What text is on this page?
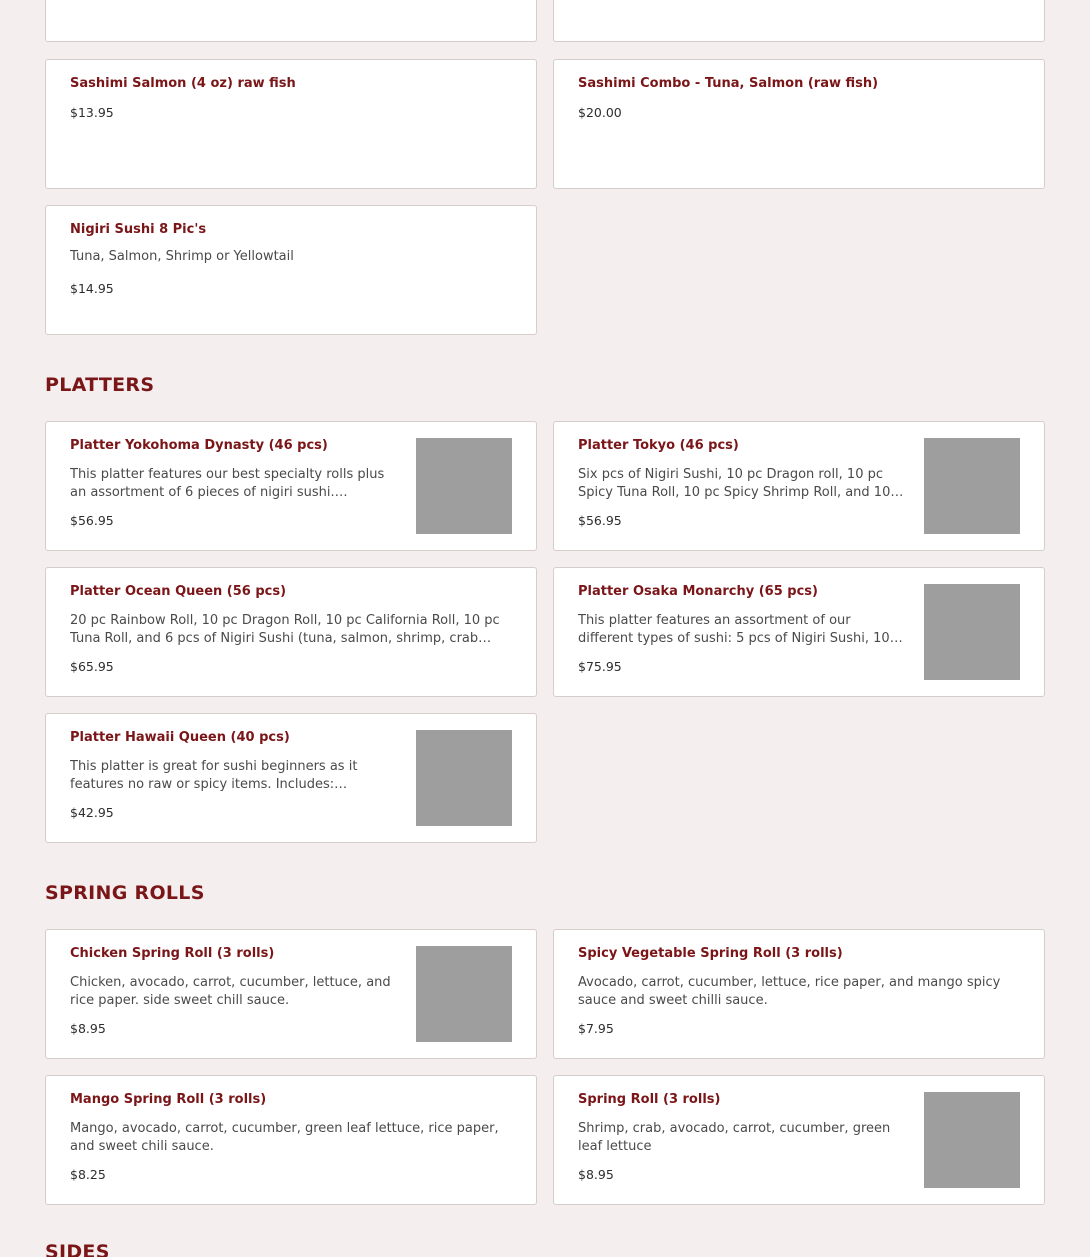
Sashimi Salmon (4 oz) raw fish
$13.95
Sashimi Combo - Tuna, Salmon (raw fish)
$20.00
Nigiri Sushi 8 Pic's
Tuna, Salmon, Shrimp or Yellowtail
$14.95
PLATTERS
Platter Yokohoma Dynasty (46 pcs)
This platter features our best specialty rolls plus an assortment of 6 pieces of nigiri sushi.
$56.95
Platter Tokyo (46 pcs)
Six pcs of Nigiri Sushi, 10 pc Dragon roll, 10 pc Spicy Tuna Roll, 10 pc Spicy Shrimp Roll, and 10
$56.95
Platter Ocean Queen (56 pcs)
20 pc Rainbow Roll, 10 pc Dragon Roll, 10 pc California Roll, 10 pc Tuna Roll, and 6 pcs of Nigiri Sushi (tuna, salmon, shrimp, crab
$65.95
Platter Osaka Monarchy (65 pcs)
This platter features an assortment of our different types of sushi: 5 pcs of Nigiri Sushi, 10
$75.95
Platter Hawaii Queen (40 pcs)
This platter is great for sushi beginners as it features no raw or spicy items. Includes:
$42.95
SPRING ROLLS
Chicken Spring Roll (3 rolls)
Chicken, avocado, carrot, cucumber, lettuce, and rice paper. side sweet chill sauce.
$8.95
Spicy Vegetable Spring Roll (3 rolls)
Avocado, carrot, cucumber, lettuce, rice paper, and mango spicy sauce and sweet chilli sauce.
$7.95
Mango Spring Roll (3 rolls)
Mango, avocado, carrot, cucumber, green leaf lettuce, rice paper, and sweet chili sauce.
$8.25
Spring Roll (3 rolls)
Shrimp, crab, avocado, carrot, cucumber, green leaf lettuce
$8.95
SIDES
